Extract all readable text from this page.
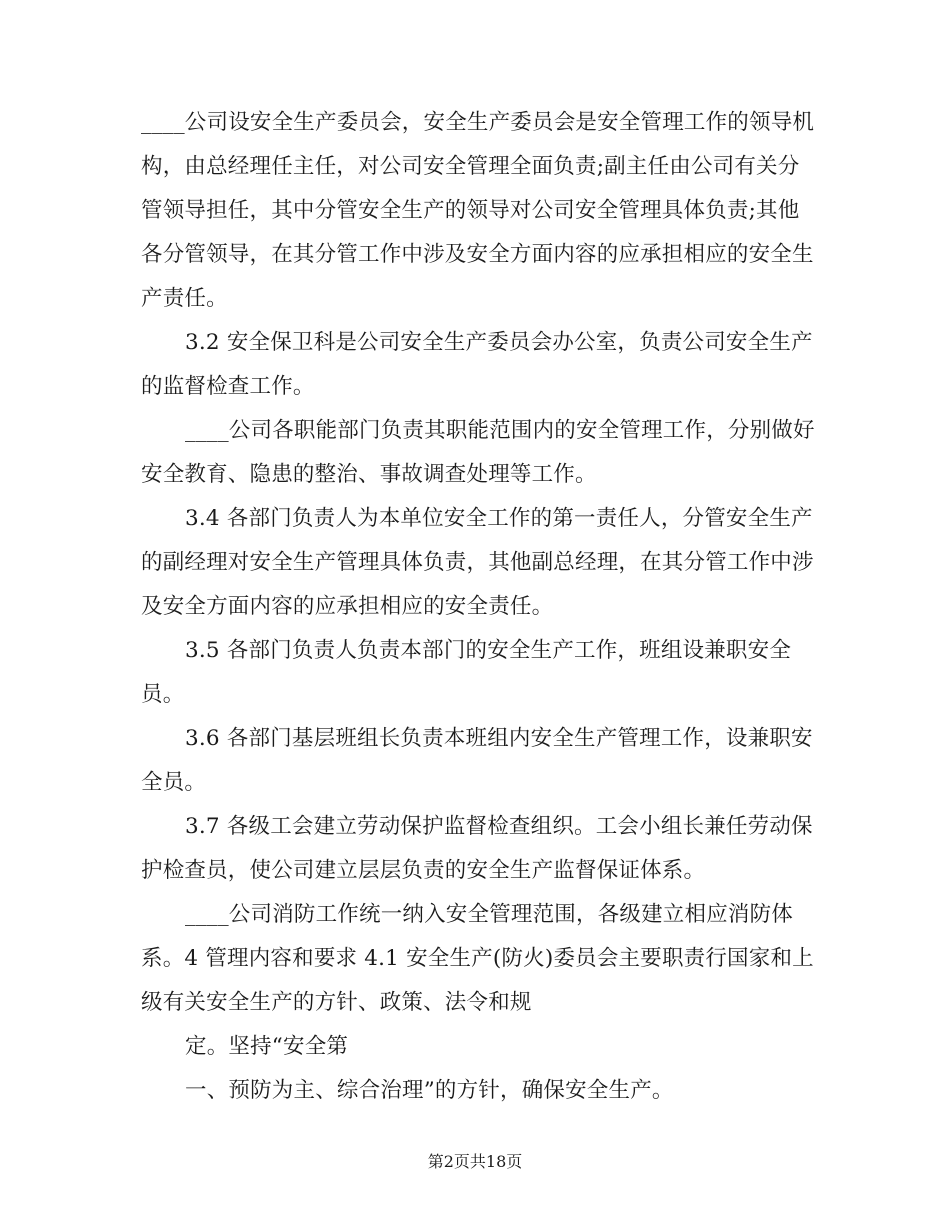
____公司设安全生产委员会，安全生产委员会是安全管理工作的领导机构，由总经理任主任，对公司安全管理全面负责;副主任由公司有关分管领导担任，其中分管安全生产的领导对公司安全管理具体负责;其他各分管领导，在其分管工作中涉及安全方面内容的应承担相应的安全生产责任。

3.2 安全保卫科是公司安全生产委员会办公室，负责公司安全生产的监督检查工作。

____公司各职能部门负责其职能范围内的安全管理工作，分别做好安全教育、隐患的整治、事故调查处理等工作。

3.4 各部门负责人为本单位安全工作的第一责任人，分管安全生产的副经理对安全生产管理具体负责，其他副总经理，在其分管工作中涉及安全方面内容的应承担相应的安全责任。

3.5 各部门负责人负责本部门的安全生产工作，班组设兼职安全员。

3.6 各部门基层班组长负责本班组内安全生产管理工作，设兼职安全员。

3.7 各级工会建立劳动保护监督检查组织。工会小组长兼任劳动保护检查员，使公司建立层层负责的安全生产监督保证体系。

____公司消防工作统一纳入安全管理范围，各级建立相应消防体系。4 管理内容和要求 4.1 安全生产(防火)委员会主要职责行国家和上级有关安全生产的方针、政策、法令和规

定。坚持“安全第

一、预防为主、综合治理”的方针，确保安全生产。

第2页共18页
